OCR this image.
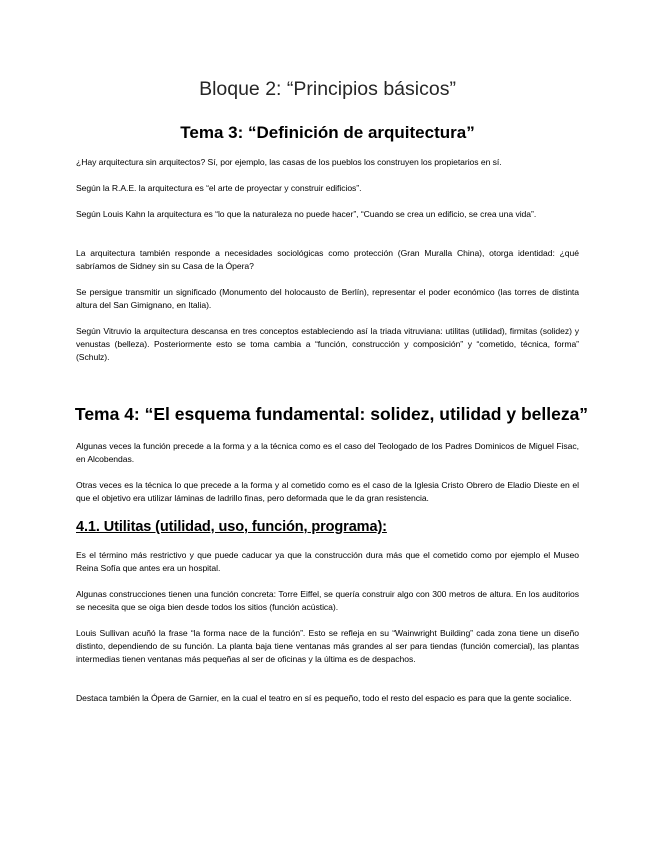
Bloque 2: “Principios básicos”
Tema 3: “Definición de arquitectura”

¿Hay arquitectura sin arquitectos? Sí, por ejemplo, las casas de los pueblos los construyen los propietarios en sí.

Según la R.A.E. la arquitectura es “el arte de proyectar y construir edificios”.

Según Louis Kahn la arquitectura es “lo que la naturaleza no puede hacer”, “Cuando se crea un edificio, se crea una vida”.

La arquitectura también responde a necesidades sociológicas como protección (Gran Muralla China), otorga identidad: ¿qué sabríamos de Sidney sin su Casa de la Ópera?

Se persigue transmitir un significado (Monumento del holocausto de Berlín), representar el poder económico (las torres de distinta altura del San Gimignano, en Italia).

Según Vitruvio la arquitectura descansa en tres conceptos estableciendo así la triada vitruviana: utilitas (utilidad), firmitas (solidez) y venustas (belleza). Posteriormente esto se toma cambia a “función, construcción y composición” y “cometido, técnica, forma” (Schulz).

Tema 4: “El esquema fundamental: solidez, utilidad y belleza”

Algunas veces la función precede a la forma y a la técnica como es el caso del Teologado de los Padres Dominicos de Miguel Fisac, en Alcobendas.

Otras veces es la técnica lo que precede a la forma y al cometido como es el caso de la Iglesia Cristo Obrero de Eladio Dieste en el que el objetivo era utilizar láminas de ladrillo finas, pero deformada que le da gran resistencia.

4.1. Utilitas (utilidad, uso, función, programa):

Es el término más restrictivo y que puede caducar ya que la construcción dura más que el cometido como por ejemplo el Museo Reina Sofía que antes era un hospital.

Algunas construcciones tienen una función concreta: Torre Eiffel, se quería construir algo con 300 metros de altura. En los auditorios se necesita que se oiga bien desde todos los sitios (función acústica).

Louis Sullivan acuñó la frase “la forma nace de la función”. Esto se refleja en su “Wainwright Building” cada zona tiene un diseño distinto, dependiendo de su función. La planta baja tiene ventanas más grandes al ser para tiendas (función comercial), las plantas intermedias tienen ventanas más pequeñas al ser de oficinas y la última es de despachos.

Destaca también la Ópera de Garnier, en la cual el teatro en sí es pequeño, todo el resto del espacio es para que la gente socialice.
